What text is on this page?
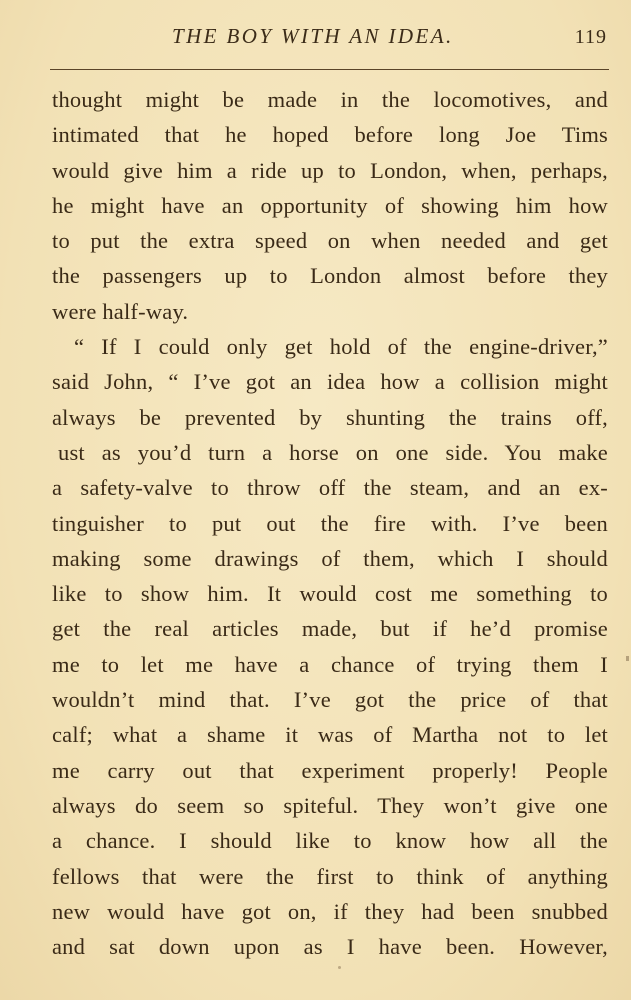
THE BOY WITH AN IDEA.	119
thought might be made in the locomotives, and
intimated that he hoped before long Joe Tims
would give him a ride up to London, when, perhaps,
he might have an opportunity of showing him how
to put the extra speed on when needed and get
the passengers up to London almost before they
were half-way.
“ If I could only get hold of the engine-driver,”
said John, “ I’ve got an idea how a collision might
always be prevented by shunting the trains off,
ust as you’d turn a horse on one side. You make
a safety-valve to throw off the steam, and an ex-
tinguisher to put out the fire with. I’ve been
making some drawings of them, which I should
like to show him. It would cost me something to
get the real articles made, but if he’d promise
me to let me have a chance of trying them I
wouldn’t mind that. I’ve got the price of that
calf; what a shame it was of Martha not to let
me carry out that experiment properly! People
always do seem so spiteful. They won’t give one
a chance. I should like to know how all the
fellows that were the first to think of anything
new would have got on, if they had been snubbed
and sat down upon as I have been. However,
